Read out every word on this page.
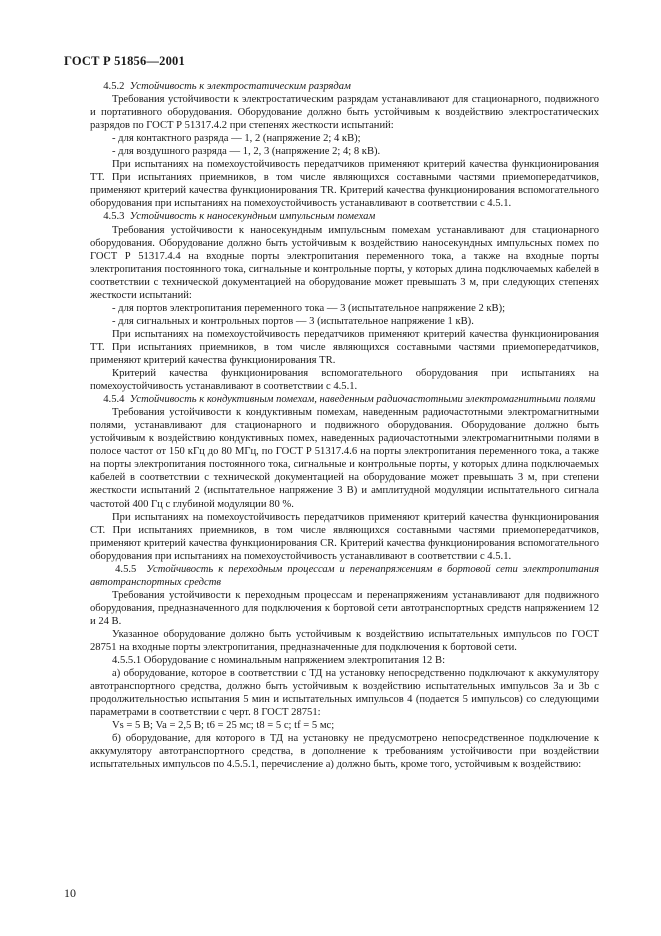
ГОСТ Р 51856—2001

4.5.2 Устойчивость к электростатическим разрядам

Требования устойчивости к электростатическим разрядам устанавливают для стационарного, подвижного и портативного оборудования. Оборудование должно быть устойчивым к воздействию электростатических разрядов по ГОСТ Р 51317.4.2 при степенях жесткости испытаний:

- для контактного разряда — 1, 2 (напряжение 2; 4 кВ);

- для воздушного разряда — 1, 2, 3 (напряжение 2; 4; 8 кВ).

При испытаниях на помехоустойчивость передатчиков применяют критерий качества функционирования ТТ. При испытаниях приемников, в том числе являющихся составными частями приемопередатчиков, применяют критерий качества функционирования TR. Критерий качества функционирования вспомогательного оборудования при испытаниях на помехоустойчивость устанавливают в соответствии с 4.5.1.

4.5.3 Устойчивость к наносекундным импульсным помехам

Требования устойчивости к наносекундным импульсным помехам устанавливают для стационарного оборудования. Оборудование должно быть устойчивым к воздействию наносекундных импульсных помех по ГОСТ Р 51317.4.4 на входные порты электропитания переменного тока, а также на входные порты электропитания постоянного тока, сигнальные и контрольные порты, у которых длина подключаемых кабелей в соответствии с технической документацией на оборудование может превышать 3 м, при следующих степенях жесткости испытаний:

- для портов электропитания переменного тока — 3 (испытательное напряжение 2 кВ);

- для сигнальных и контрольных портов — 3 (испытательное напряжение 1 кВ).

При испытаниях на помехоустойчивость передатчиков применяют критерий качества функционирования ТТ. При испытаниях приемников, в том числе являющихся составными частями приемопередатчиков, применяют критерий качества функционирования TR.

Критерий качества функционирования вспомогательного оборудования при испытаниях на помехоустойчивость устанавливают в соответствии с 4.5.1.

4.5.4 Устойчивость к кондуктивным помехам, наведенным радиочастотными электромагнитными полями

Требования устойчивости к кондуктивным помехам, наведенным радиочастотными электромагнитными полями, устанавливают для стационарного и подвижного оборудования. Оборудование должно быть устойчивым к воздействию кондуктивных помех, наведенных радиочастотными электромагнитными полями в полосе частот от 150 кГц до 80 МГц, по ГОСТ Р 51317.4.6 на порты электропитания переменного тока, а также на порты электропитания постоянного тока, сигнальные и контрольные порты, у которых длина подключаемых кабелей в соответствии с технической документацией на оборудование может превышать 3 м, при степени жесткости испытаний 2 (испытательное напряжение 3 В) и амплитудной модуляции испытательного сигнала частотой 400 Гц с глубиной модуляции 80 %.

При испытаниях на помехоустойчивость передатчиков применяют критерий качества функционирования СТ. При испытаниях приемников, в том числе являющихся составными частями приемопередатчиков, применяют критерий качества функционирования CR. Критерий качества функционирования вспомогательного оборудования при испытаниях на помехоустойчивость устанавливают в соответствии с 4.5.1.

4.5.5 Устойчивость к переходным процессам и перенапряжениям в бортовой сети электропитания автотранспортных средств

Требования устойчивости к переходным процессам и перенапряжениям устанавливают для подвижного оборудования, предназначенного для подключения к бортовой сети автотранспортных средств напряжением 12 и 24 В.

Указанное оборудование должно быть устойчивым к воздействию испытательных импульсов по ГОСТ 28751 на входные порты электропитания, предназначенные для подключения к бортовой сети.

4.5.5.1 Оборудование с номинальным напряжением электропитания 12 В:

а) оборудование, которое в соответствии с ТД на установку непосредственно подключают к аккумулятору автотранспортного средства, должно быть устойчивым к воздействию испытательных импульсов 3а и 3b с продолжительностью испытания 5 мин и испытательных импульсов 4 (подается 5 импульсов) со следующими параметрами в соответствии с черт. 8 ГОСТ 28751:

Vs = 5 В; Va = 2,5 В; t6 = 25 мс; t8 = 5 с; tf = 5 мс;

б) оборудование, для которого в ТД на установку не предусмотрено непосредственное подключение к аккумулятору автотранспортного средства, в дополнение к требованиям устойчивости при воздействии испытательных импульсов по 4.5.5.1, перечисление а) должно быть, кроме того, устойчивым к воздействию:

10
